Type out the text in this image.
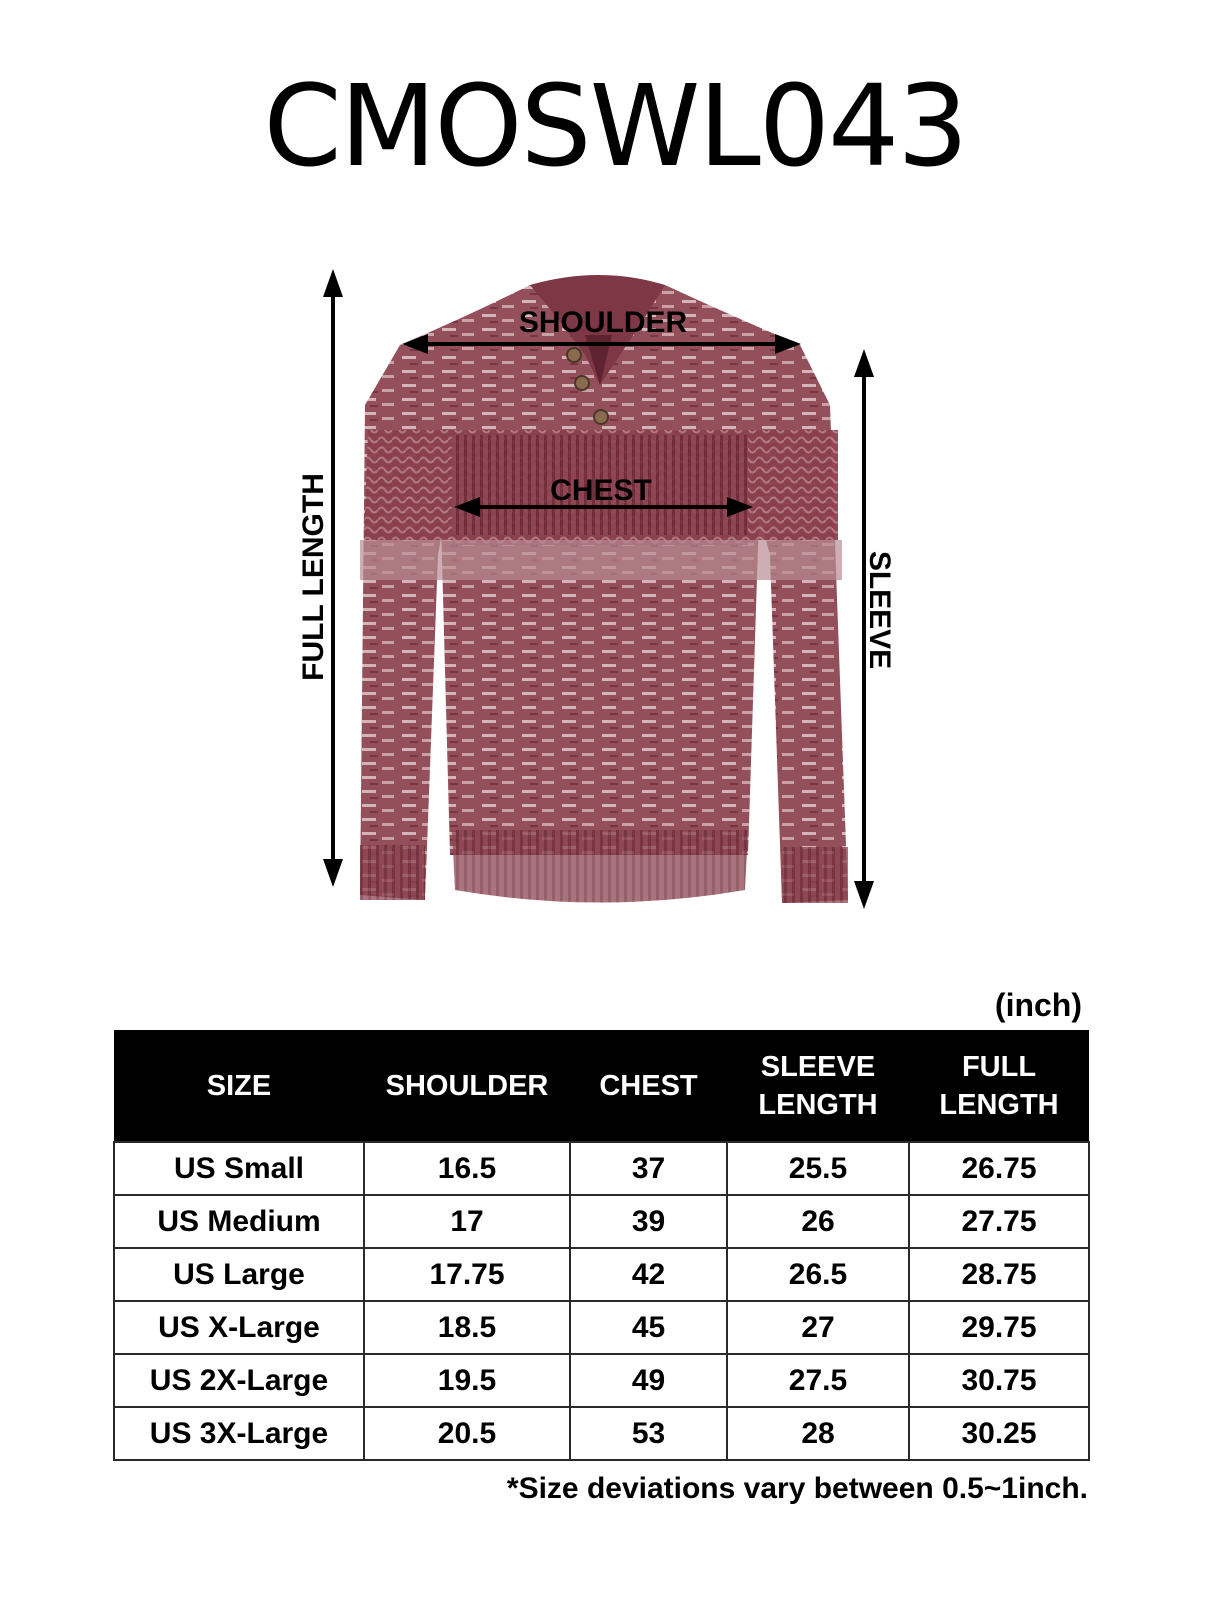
CMOSWL043
SHOULDER
CHEST
FULL LENGTH	SLEEVE
(inch)
SIZE	SHOULDER	CHEST	SLEEVE LENGTH	FULL LENGTH
US Small	16.5	37	25.5	26.75
US Medium	17	39	26	27.75
US Large	17.75	42	26.5	28.75
US X-Large	18.5	45	27	29.75
US 2X-Large	19.5	49	27.5	30.75
US 3X-Large	20.5	53	28	30.25
*Size deviations vary between 0.5~1inch.
